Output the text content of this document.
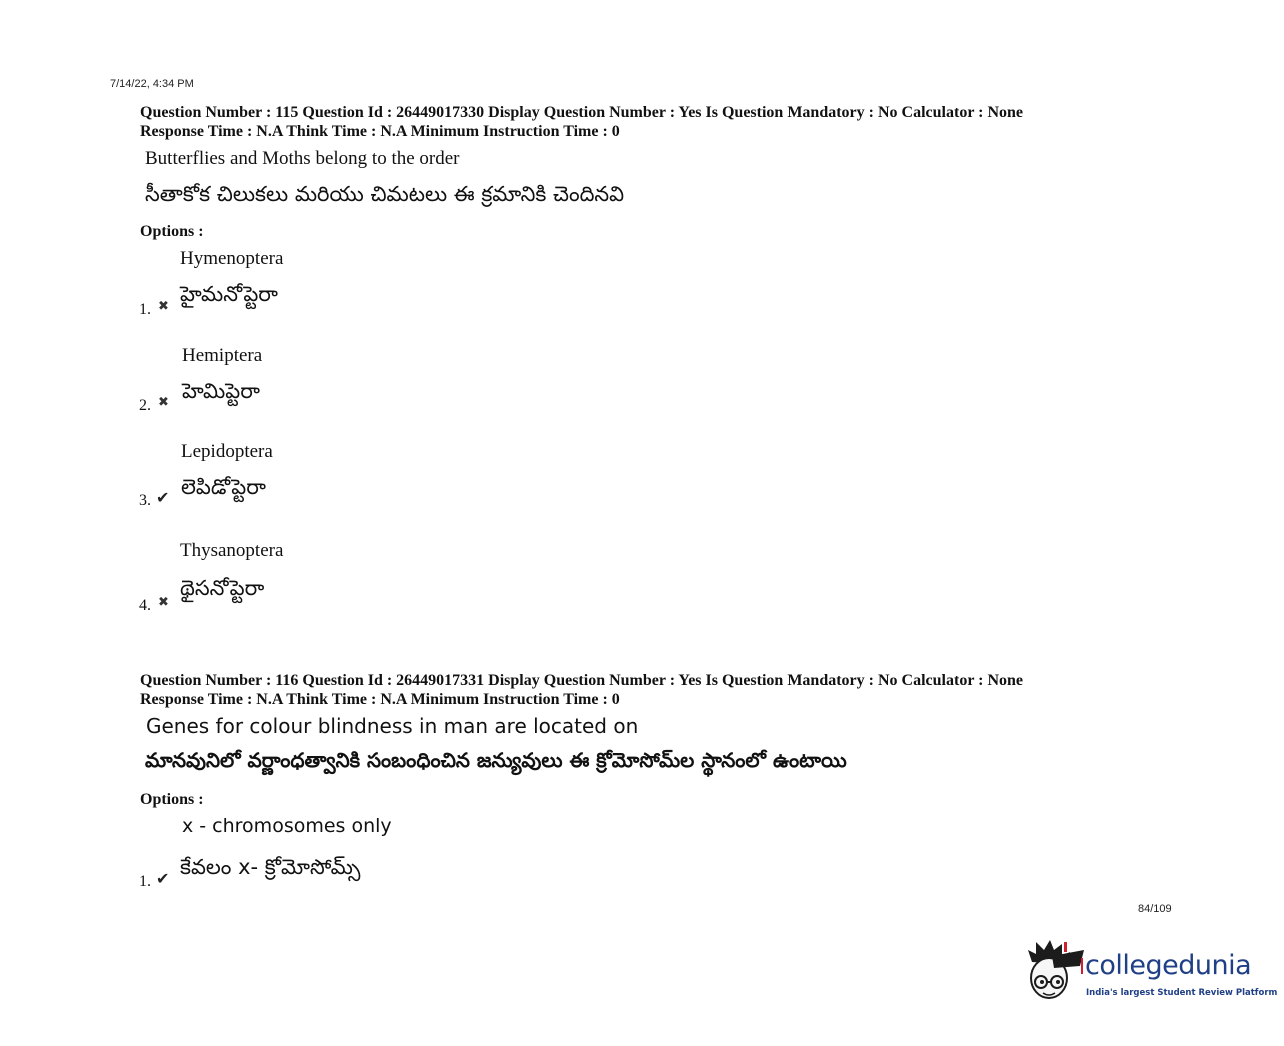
7/14/22, 4:34 PM
Question Number : 115 Question Id : 26449017330 Display Question Number : Yes Is Question Mandatory : No Calculator : None
Response Time : N.A Think Time : N.A Minimum Instruction Time : 0
Butterflies and Moths belong to the order
సీతాకోక చిలుకలు మరియు చిమటలు ఈ క్రమానికి చెందినవి
Options :
Hymenoptera
హైమనోప్టెరా
1. ✖
Hemiptera
హెమిప్టెరా
2. ✖
Lepidoptera
లెపిడోప్టెరా
3. ✔
Thysanoptera
థైసనోప్టెరా
4. ✖
Question Number : 116 Question Id : 26449017331 Display Question Number : Yes Is Question Mandatory : No Calculator : None
Response Time : N.A Think Time : N.A Minimum Instruction Time : 0
Genes for colour blindness in man are located on
మానవునిలో వర్ణాంధత్వానికి సంబంధించిన జన్యువులు ఈ క్రోమోసోమ్‌ల స్థానంలో ఉంటాయి
Options :
x - chromosomes only
కేవలం x- క్రోమోసోమ్స్
1. ✔
84/109
collegedunia
India's largest Student Review Platform
